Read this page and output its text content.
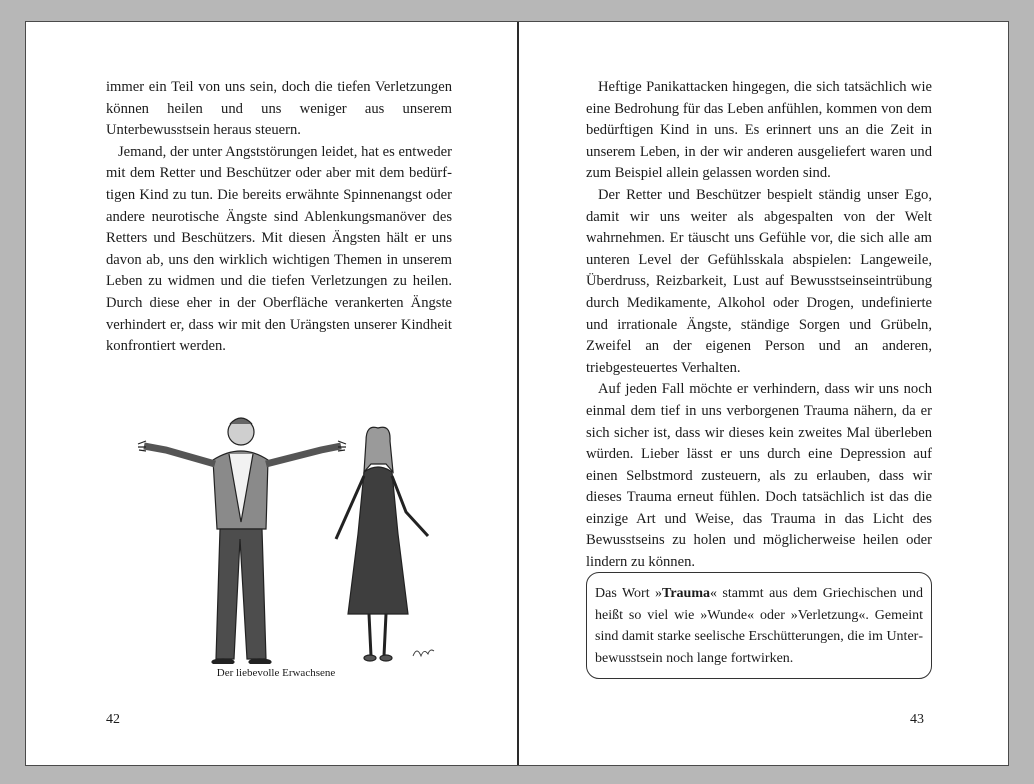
immer ein Teil von uns sein, doch die tiefen Verletzungen können heilen und uns weniger aus unserem Unterbewusstsein heraus steuern.

Jemand, der unter Angststörungen leidet, hat es entweder mit dem Retter und Beschützer oder aber mit dem bedürftigen Kind zu tun. Die bereits erwähnte Spinnenangst oder andere neurotische Ängste sind Ablenkungsmanöver des Retters und Beschützers. Mit diesen Ängsten hält er uns davon ab, uns den wirklich wichtigen Themen in unserem Leben zu widmen und die tiefen Verletzungen zu heilen. Durch diese eher in der Oberfläche verankerten Ängste verhindert er, dass wir mit den Urängsten unserer Kindheit konfrontiert werden.

Der liebevolle Erwachsene
42

Heftige Panikattacken hingegen, die sich tatsächlich wie eine Bedrohung für das Leben anfühlen, kommen von dem bedürftigen Kind in uns. Es erinnert uns an die Zeit in unserem Leben, in der wir anderen ausgeliefert waren und zum Beispiel allein gelassen worden sind.

Der Retter und Beschützer bespielt ständig unser Ego, damit wir uns weiter als abgespalten von der Welt wahrnehmen. Er täuscht uns Gefühle vor, die sich alle am unteren Level der Gefühlsskala abspielen: Langeweile, Überdruss, Reizbarkeit, Lust auf Bewusstseinseintrübung durch Medikamente, Alkohol oder Drogen, undefinierte und irrationale Ängste, ständige Sorgen und Grübeln, Zweifel an der eigenen Person und an anderen, triebgesteuertes Verhalten.

Auf jeden Fall möchte er verhindern, dass wir uns noch einmal dem tief in uns verborgenen Trauma nähern, da er sich sicher ist, dass wir dieses kein zweites Mal überleben würden. Lieber lässt er uns durch eine Depression auf einen Selbstmord zusteuern, als zu erlauben, dass wir dieses Trauma erneut fühlen. Doch tatsächlich ist das die einzige Art und Weise, das Trauma in das Licht des Bewusstseins zu holen und möglicherweise heilen oder lindern zu können.

Das Wort »Trauma« stammt aus dem Griechischen und heißt so viel wie »Wunde« oder »Verletzung«. Gemeint sind damit starke seelische Erschütterungen, die im Unterbewusstsein noch lange fortwirken.
43
